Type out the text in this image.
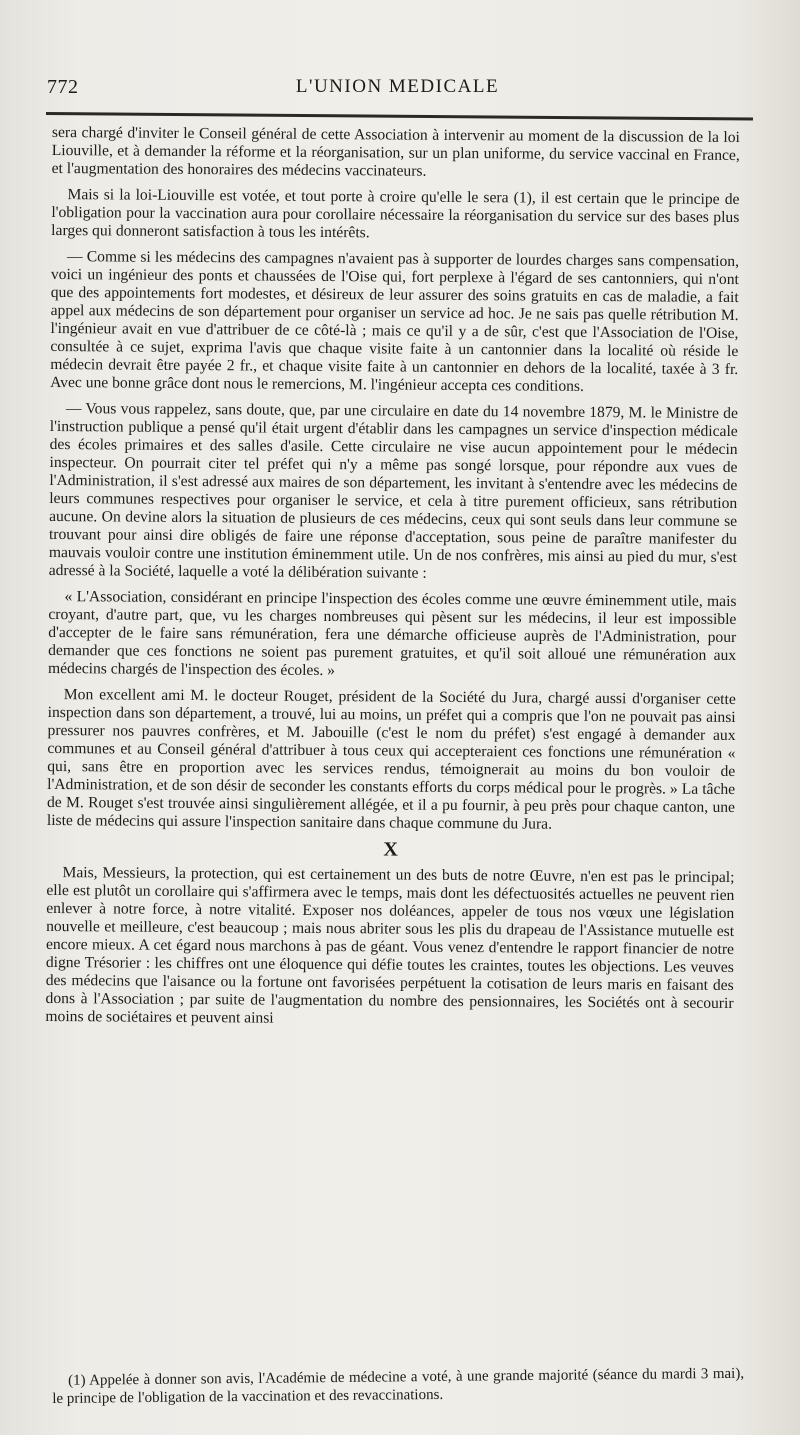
772	L'UNION MEDICALE

sera chargé d'inviter le Conseil général de cette Association à intervenir au moment de la discussion de la loi Liouville, et à demander la réforme et la réorganisation, sur un plan uniforme, du service vaccinal en France, et l'augmentation des honoraires des médecins vaccinateurs.

Mais si la loi-Liouville est votée, et tout porte à croire qu'elle le sera (1), il est certain que le principe de l'obligation pour la vaccination aura pour corollaire nécessaire la réorganisation du service sur des bases plus larges qui donneront satisfaction à tous les intérêts.

— Comme si les médecins des campagnes n'avaient pas à supporter de lourdes charges sans compensation, voici un ingénieur des ponts et chaussées de l'Oise qui, fort perplexe à l'égard de ses cantonniers, qui n'ont que des appointements fort modestes, et désireux de leur assurer des soins gratuits en cas de maladie, a fait appel aux médecins de son département pour organiser un service ad hoc. Je ne sais pas quelle rétribution M. l'ingénieur avait en vue d'attribuer de ce côté-là ; mais ce qu'il y a de sûr, c'est que l'Association de l'Oise, consultée à ce sujet, exprima l'avis que chaque visite faite à un cantonnier dans la localité où réside le médecin devrait être payée 2 fr., et chaque visite faite à un cantonnier en dehors de la localité, taxée à 3 fr. Avec une bonne grâce dont nous le remercions, M. l'ingénieur accepta ces conditions.

— Vous vous rappelez, sans doute, que, par une circulaire en date du 14 novembre 1879, M. le Ministre de l'instruction publique a pensé qu'il était urgent d'établir dans les campagnes un service d'inspection médicale des écoles primaires et des salles d'asile. Cette circulaire ne vise aucun appointement pour le médecin inspecteur. On pourrait citer tel préfet qui n'y a même pas songé lorsque, pour répondre aux vues de l'Administration, il s'est adressé aux maires de son département, les invitant à s'entendre avec les médecins de leurs communes respectives pour organiser le service, et cela à titre purement officieux, sans rétribution aucune. On devine alors la situation de plusieurs de ces médecins, ceux qui sont seuls dans leur commune se trouvant pour ainsi dire obligés de faire une réponse d'acceptation, sous peine de paraître manifester du mauvais vouloir contre une institution éminemment utile. Un de nos confrères, mis ainsi au pied du mur, s'est adressé à la Société, laquelle a voté la délibération suivante :

« L'Association, considérant en principe l'inspection des écoles comme une œuvre éminemment utile, mais croyant, d'autre part, que, vu les charges nombreuses qui pèsent sur les médecins, il leur est impossible d'accepter de le faire sans rémunération, fera une démarche officieuse auprès de l'Administration, pour demander que ces fonctions ne soient pas purement gratuites, et qu'il soit alloué une rémunération aux médecins chargés de l'inspection des écoles. »

Mon excellent ami M. le docteur Rouget, président de la Société du Jura, chargé aussi d'organiser cette inspection dans son département, a trouvé, lui au moins, un préfet qui a compris que l'on ne pouvait pas ainsi pressurer nos pauvres confrères, et M. Jabouille (c'est le nom du préfet) s'est engagé à demander aux communes et au Conseil général d'attribuer à tous ceux qui accepteraient ces fonctions une rémunération « qui, sans être en proportion avec les services rendus, témoignerait au moins du bon vouloir de l'Administration, et de son désir de seconder les constants efforts du corps médical pour le progrès. » La tâche de M. Rouget s'est trouvée ainsi singulièrement allégée, et il a pu fournir, à peu près pour chaque canton, une liste de médecins qui assure l'inspection sanitaire dans chaque commune du Jura.

X

Mais, Messieurs, la protection, qui est certainement un des buts de notre Œuvre, n'en est pas le principal; elle est plutôt un corollaire qui s'affirmera avec le temps, mais dont les défectuosités actuelles ne peuvent rien enlever à notre force, à notre vitalité. Exposer nos doléances, appeler de tous nos vœux une législation nouvelle et meilleure, c'est beaucoup ; mais nous abriter sous les plis du drapeau de l'Assistance mutuelle est encore mieux. A cet égard nous marchons à pas de géant. Vous venez d'entendre le rapport financier de notre digne Trésorier : les chiffres ont une éloquence qui défie toutes les craintes, toutes les objections. Les veuves des médecins que l'aisance ou la fortune ont favorisées perpétuent la cotisation de leurs maris en faisant des dons à l'Association ; par suite de l'augmentation du nombre des pensionnaires, les Sociétés ont à secourir moins de sociétaires et peuvent ainsi

(1) Appelée à donner son avis, l'Académie de médecine a voté, à une grande majorité (séance du mardi 3 mai), le principe de l'obligation de la vaccination et des revaccinations.
